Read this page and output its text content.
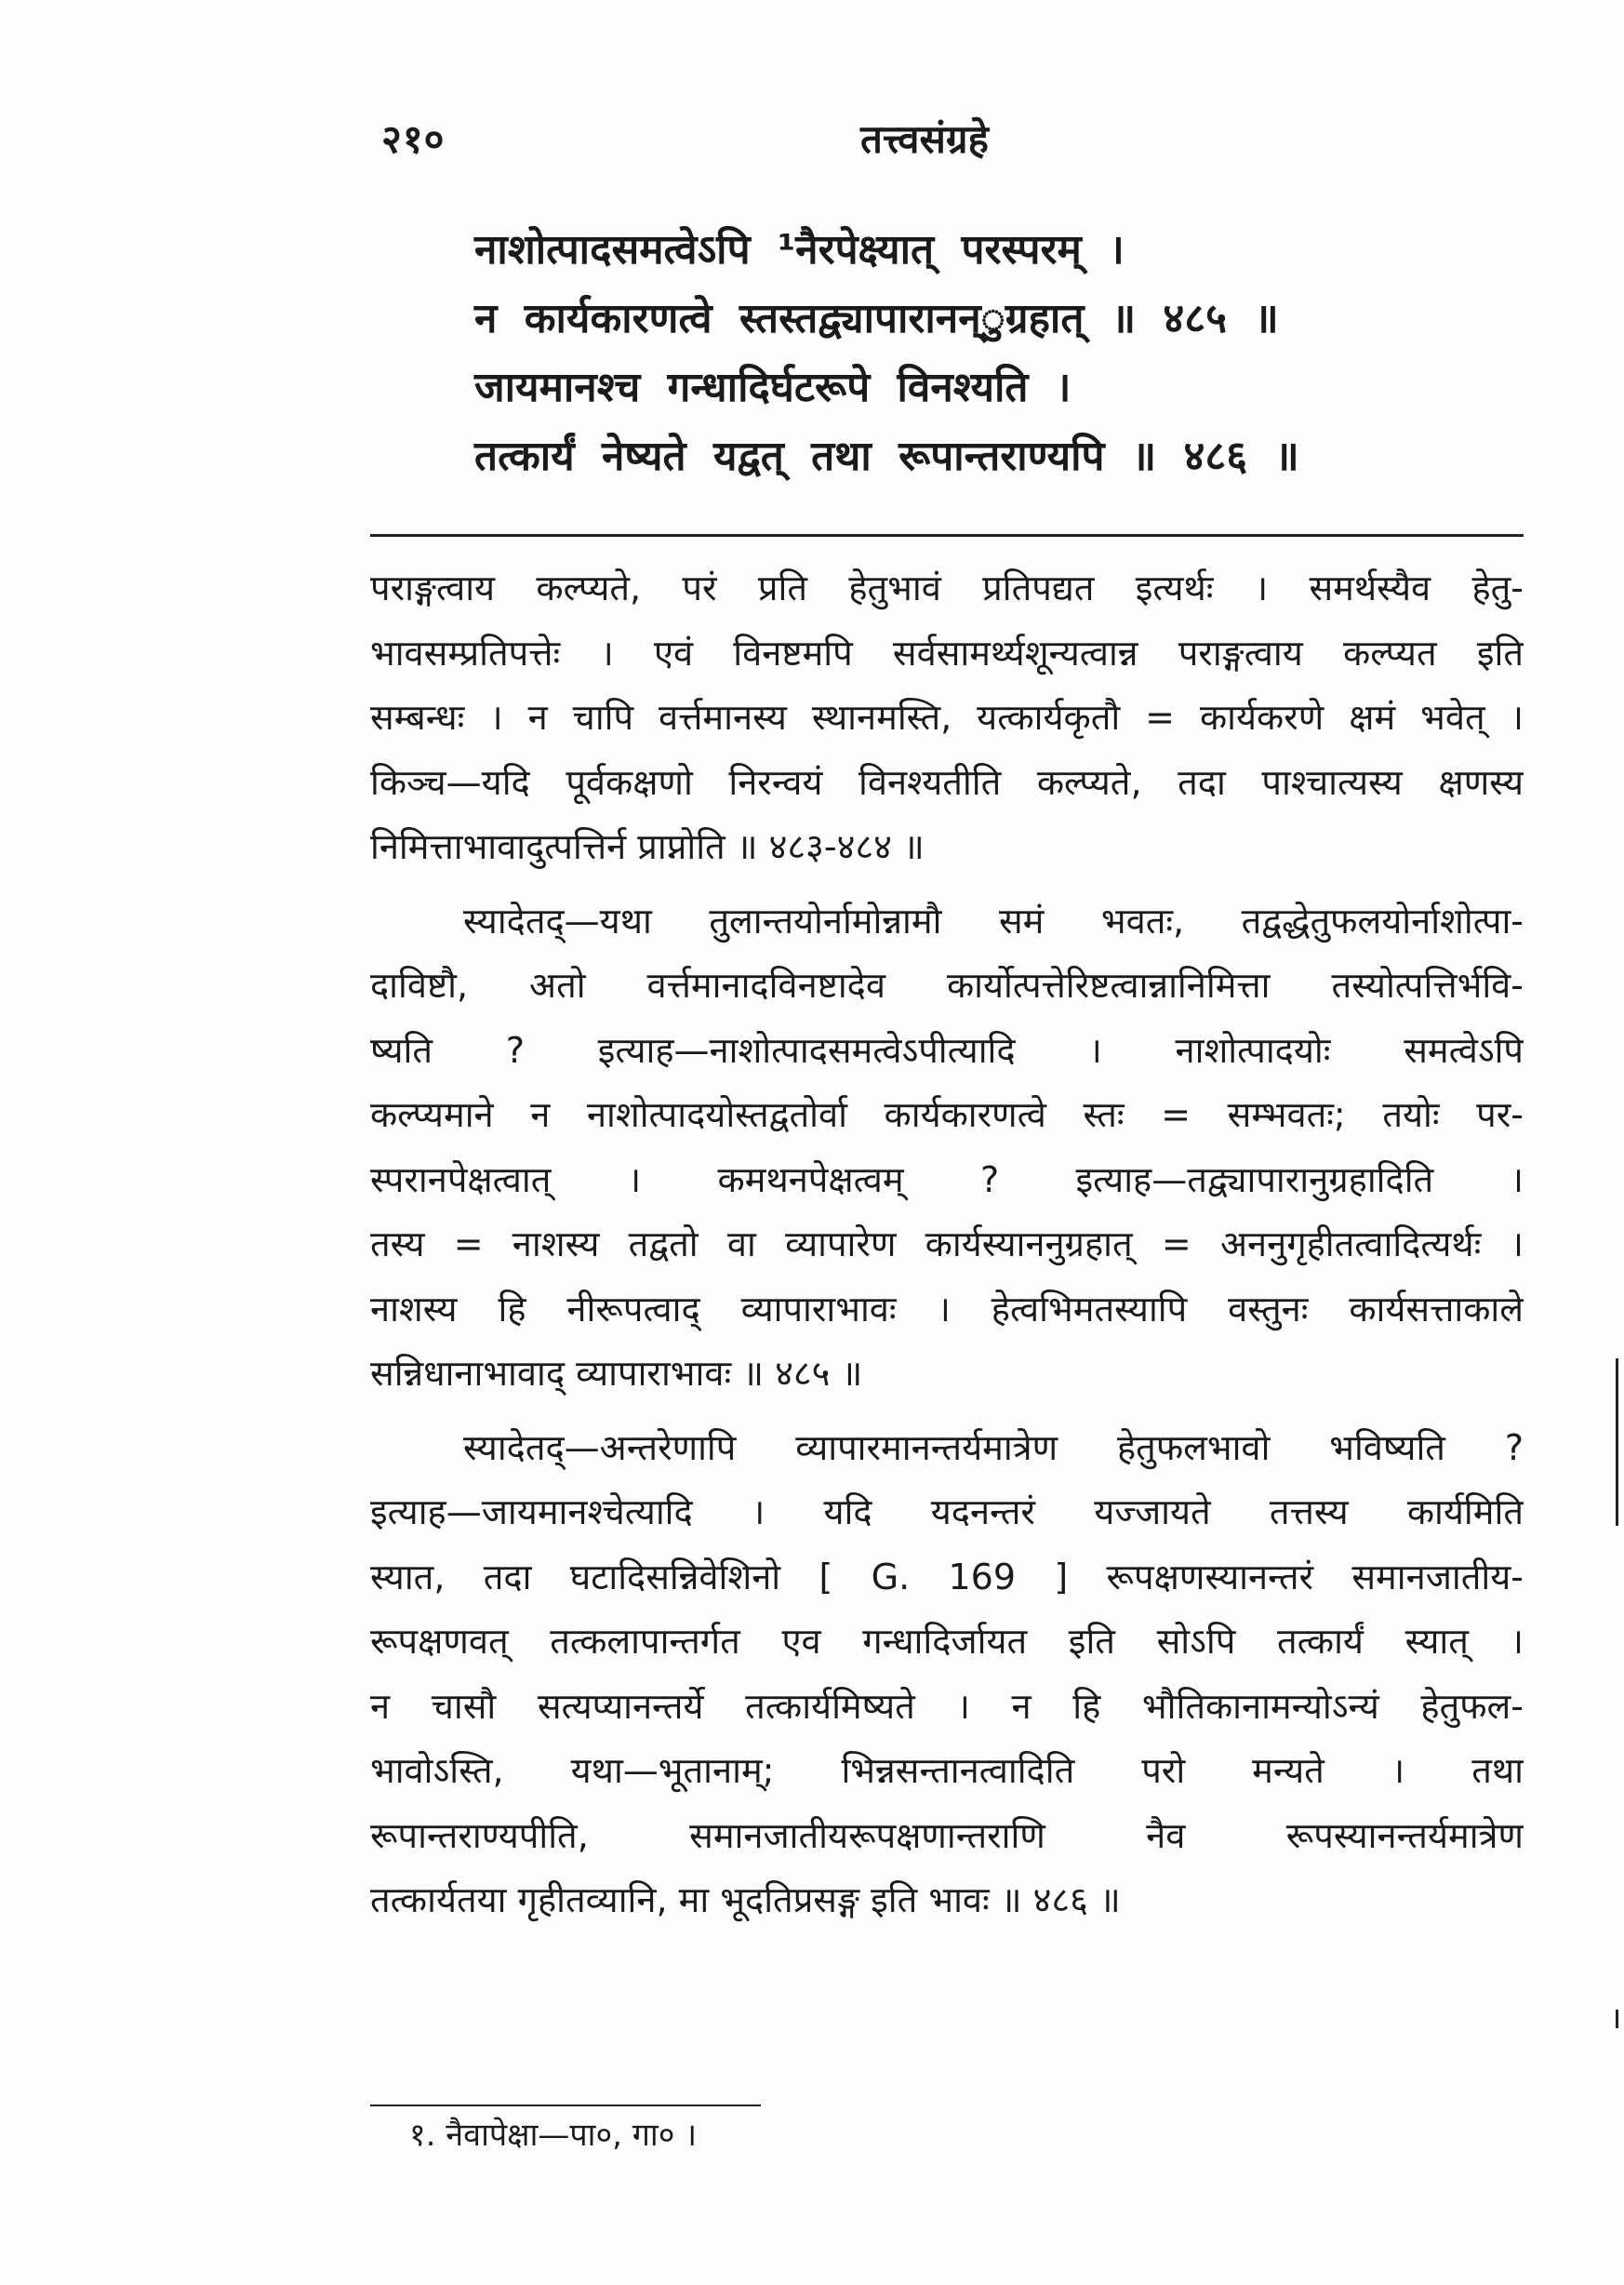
२१०	तत्त्वसंग्रहे
नाशोत्पादसमत्वेऽपि ¹नैरपेक्ष्यात् परस्परम् ।
न कार्यकारणत्वे स्तस्तद्व्यापारानन्ुग्रहात् ॥ ४८५ ॥
जायमानश्च गन्धादिर्घटरूपे विनश्यति ।
तत्कार्यं नेष्यते यद्वत् तथा रूपान्तराण्यपि ॥ ४८६ ॥
पराङ्गत्वाय कल्प्यते, परं प्रति हेतुभावं प्रतिपद्यत इत्यर्थः । समर्थस्यैव हेतु-
भावसम्प्रतिपत्तेः । एवं विनष्टमपि सर्वसामर्थ्यशून्यत्वान्न पराङ्गत्वाय कल्प्यत इति
सम्बन्धः । न चापि वर्त्तमानस्य स्थानमस्ति, यत्कार्यकृतौ = कार्यकरणे क्षमं भवेत् ।
किञ्च—यदि पूर्वकक्षणो निरन्वयं विनश्यतीति कल्प्यते, तदा पाश्चात्यस्य क्षणस्य
निमित्ताभावादुत्पत्तिर्न प्राप्नोति ॥ ४८३-४८४ ॥
स्यादेतद्—यथा तुलान्तयोर्नामोन्नामौ समं भवतः, तद्वद्धेतुफलयोर्नाशोत्पा-
दाविष्टौ, अतो वर्त्तमानादविनष्टादेव कार्योत्पत्तेरिष्टत्वान्नानिमित्ता तस्योत्पत्तिर्भवि-
ष्यति ? इत्याह—नाशोत्पादसमत्वेऽपीत्यादि । नाशोत्पादयोः समत्वेऽपि
कल्प्यमाने न नाशोत्पादयोस्तद्वतोर्वा कार्यकारणत्वे स्तः = सम्भवतः; तयोः पर-
स्परानपेक्षत्वात् । कमथनपेक्षत्वम् ? इत्याह—तद्व्यापारानुग्रहादिति ।
तस्य = नाशस्य तद्वतो वा व्यापारेण कार्यस्याननुग्रहात् = अननुगृहीतत्वादित्यर्थः ।
नाशस्य हि नीरूपत्वाद् व्यापाराभावः । हेत्वभिमतस्यापि वस्तुनः कार्यसत्ताकाले
सन्निधानाभावाद् व्यापाराभावः ॥ ४८५ ॥
स्यादेतद्—अन्तरेणापि व्यापारमानन्तर्यमात्रेण हेतुफलभावो भविष्यति ?
इत्याह—जायमानश्चेत्यादि । यदि यदनन्तरं यज्जायते तत्तस्य कार्यमिति
स्यात, तदा घटादिसन्निवेशिनो [ G. 169 ] रूपक्षणस्यानन्तरं समानजातीय-
रूपक्षणवत् तत्कलापान्तर्गत एव गन्धादिर्जायत इति सोऽपि तत्कार्यं स्यात् ।
न चासौ सत्यप्यानन्तर्ये तत्कार्यमिष्यते । न हि भौतिकानामन्योऽन्यं हेतुफल-
भावोऽस्ति, यथा—भूतानाम्; भिन्नसन्तानत्वादिति परो मन्यते । तथा
रूपान्तराण्यपीति, समानजातीयरूपक्षणान्तराणि नैव रूपस्यानन्तर्यमात्रेण
तत्कार्यतया गृहीतव्यानि, मा भूदतिप्रसङ्ग इति भावः ॥ ४८६ ॥
१. नैवापेक्षा—पा०, गा० ।
